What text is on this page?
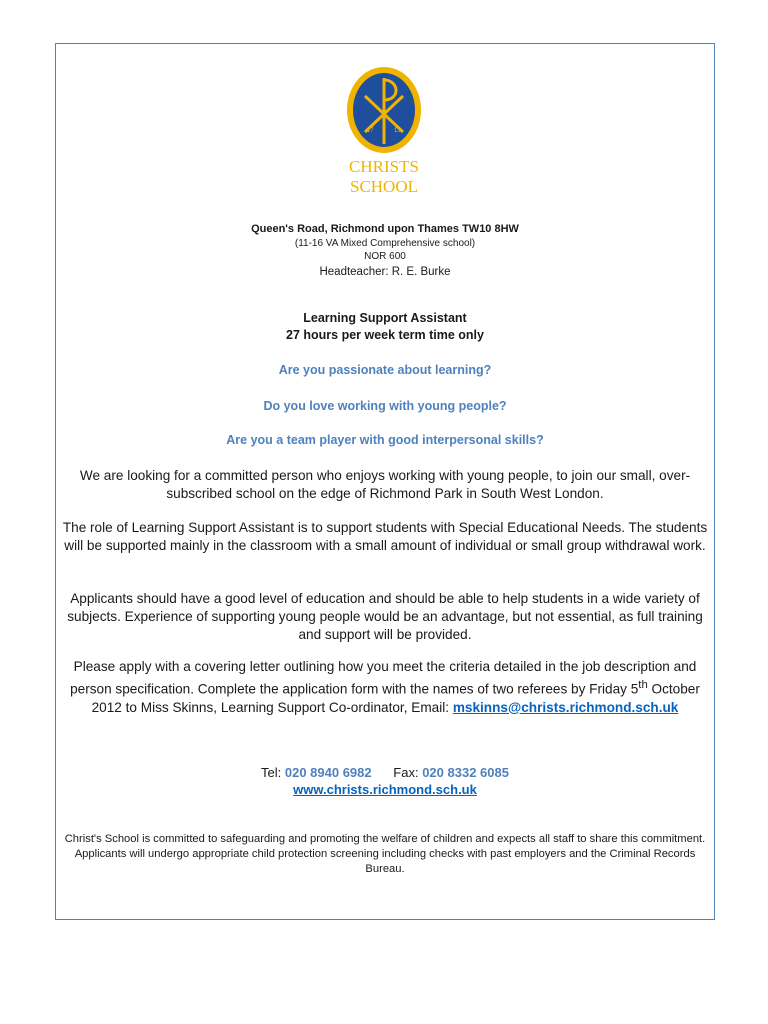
17	13
CHRISTS
SCHOOL
Queen's Road, Richmond upon Thames TW10 8HW
(11-16 VA Mixed Comprehensive school)
NOR 600
Headteacher: R. E. Burke
Learning Support Assistant
27 hours per week term time only
Are you passionate about learning?
Do you love working with young people?
Are you a team player with good interpersonal skills?
We are looking for a committed person who enjoys working with young people, to join our small, over-subscribed school on the edge of Richmond Park in South West London.
The role of Learning Support Assistant is to support students with Special Educational Needs. The students will be supported mainly in the classroom with a small amount of individual or small group withdrawal work.
Applicants should have a good level of education and should be able to help students in a wide variety of subjects. Experience of supporting young people would be an advantage, but not essential, as full training and support will be provided.
Please apply with a covering letter outlining how you meet the criteria detailed in the job description and person specification. Complete the application form with the names of two referees by Friday 5th October 2012 to Miss Skinns, Learning Support Co-ordinator, Email: mskinns@christs.richmond.sch.uk
Tel: 020 8940 6982 Fax: 020 8332 6085
www.christs.richmond.sch.uk
Christ's School is committed to safeguarding and promoting the welfare of children and expects all staff to share this commitment. Applicants will undergo appropriate child protection screening including checks with past employers and the Criminal Records Bureau.
